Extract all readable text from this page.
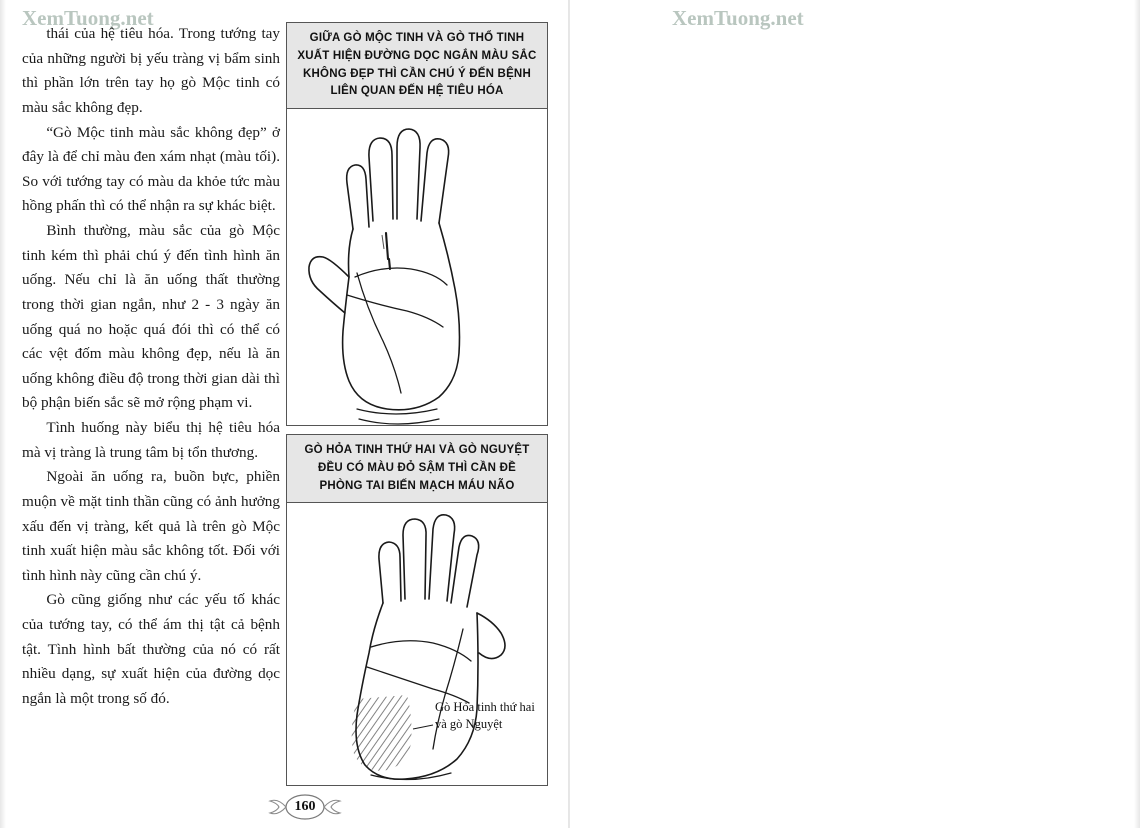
XemTuong.net	XemTuong.net

thái của hệ tiêu hóa. Trong tướng tay của những người bị yếu tràng vị bẩm sinh thì phần lớn trên tay họ gò Mộc tinh có màu sắc không đẹp.

“Gò Mộc tinh màu sắc không đẹp” ở đây là để chỉ màu đen xám nhạt (màu tối). So với tướng tay có màu da khỏe tức màu hồng phấn thì có thể nhận ra sự khác biệt.

Bình thường, màu sắc của gò Mộc tinh kém thì phải chú ý đến tình hình ăn uống. Nếu chỉ là ăn uống thất thường trong thời gian ngắn, như 2 - 3 ngày ăn uống quá no hoặc quá đói thì có thể có các vệt đốm màu không đẹp, nếu là ăn uống không điều độ trong thời gian dài thì bộ phận biến sắc sẽ mở rộng phạm vi.

Tình huống này biểu thị hệ tiêu hóa mà vị tràng là trung tâm bị tổn thương.

Ngoài ăn uống ra, buồn bực, phiền muộn về mặt tinh thần cũng có ảnh hưởng xấu đến vị tràng, kết quả là trên gò Mộc tinh xuất hiện màu sắc không tốt. Đối với tình hình này cũng cần chú ý.

Gò cũng giống như các yếu tố khác của tướng tay, có thể ám thị tật cả bệnh tật. Tình hình bất thường của nó có rất nhiều dạng, sự xuất hiện của đường dọc ngắn là một trong số đó.

GIỮA GÒ MỘC TINH VÀ GÒ THỔ TINH XUẤT HIỆN ĐƯỜNG DỌC NGẮN MÀU SẮC KHÔNG ĐẸP THÌ CẦN CHÚ Ý ĐẾN BỆNH LIÊN QUAN ĐẾN HỆ TIÊU HÓA
GÒ HỎA TINH THỨ HAI VÀ GÒ NGUYỆT ĐỀU CÓ MÀU ĐỎ SẬM THÌ CẦN ĐỀ PHÒNG TAI BIẾN MẠCH MÁU NÃO
Gò Hỏa tinh thứ hai và gò Nguyệt
160
